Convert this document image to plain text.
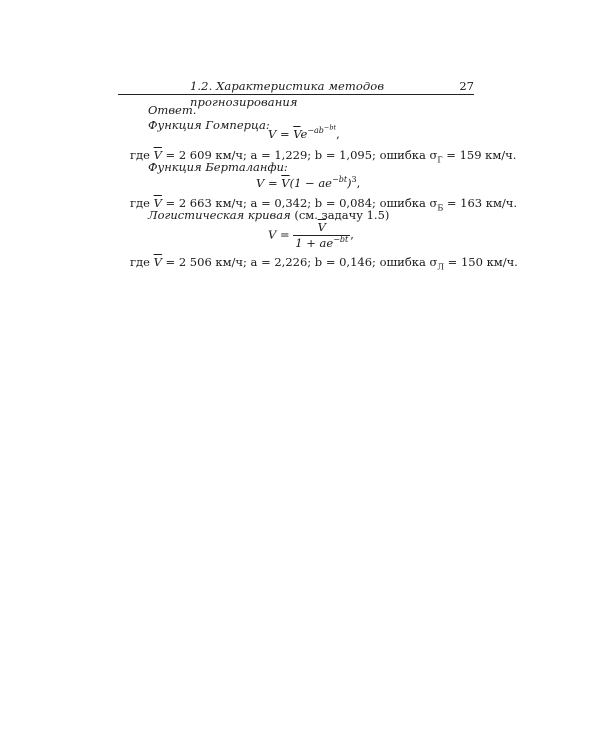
1.2. Характеристика методов прогнозирования
27
Ответ.
Функция Гомперца:
$V = \overline{V}e^{-ab^{-bt}}$,
где $\overline{V} = 2$ 609 км/ч; a = 1,229; b = 1,095; ошибка $\sigma_Г = 159$ км/ч.
Функция Берталанфи:
$V = \overline{V}(1 - ae^{-bt})^3$,
где $\overline{V} = 2$ 663 км/ч; a = 0,342; b = 0,084; ошибка $\sigma_Б = 163$ км/ч.
Логистическая кривая (см. задачу 1.5)
$V = \frac{\overline{V}}{1 + ae^{-bt}}$ ,
где $\overline{V} = 2$ 506 км/ч; a = 2,226; b = 0,146; ошибка $\sigma_Л = 150$ км/ч.
